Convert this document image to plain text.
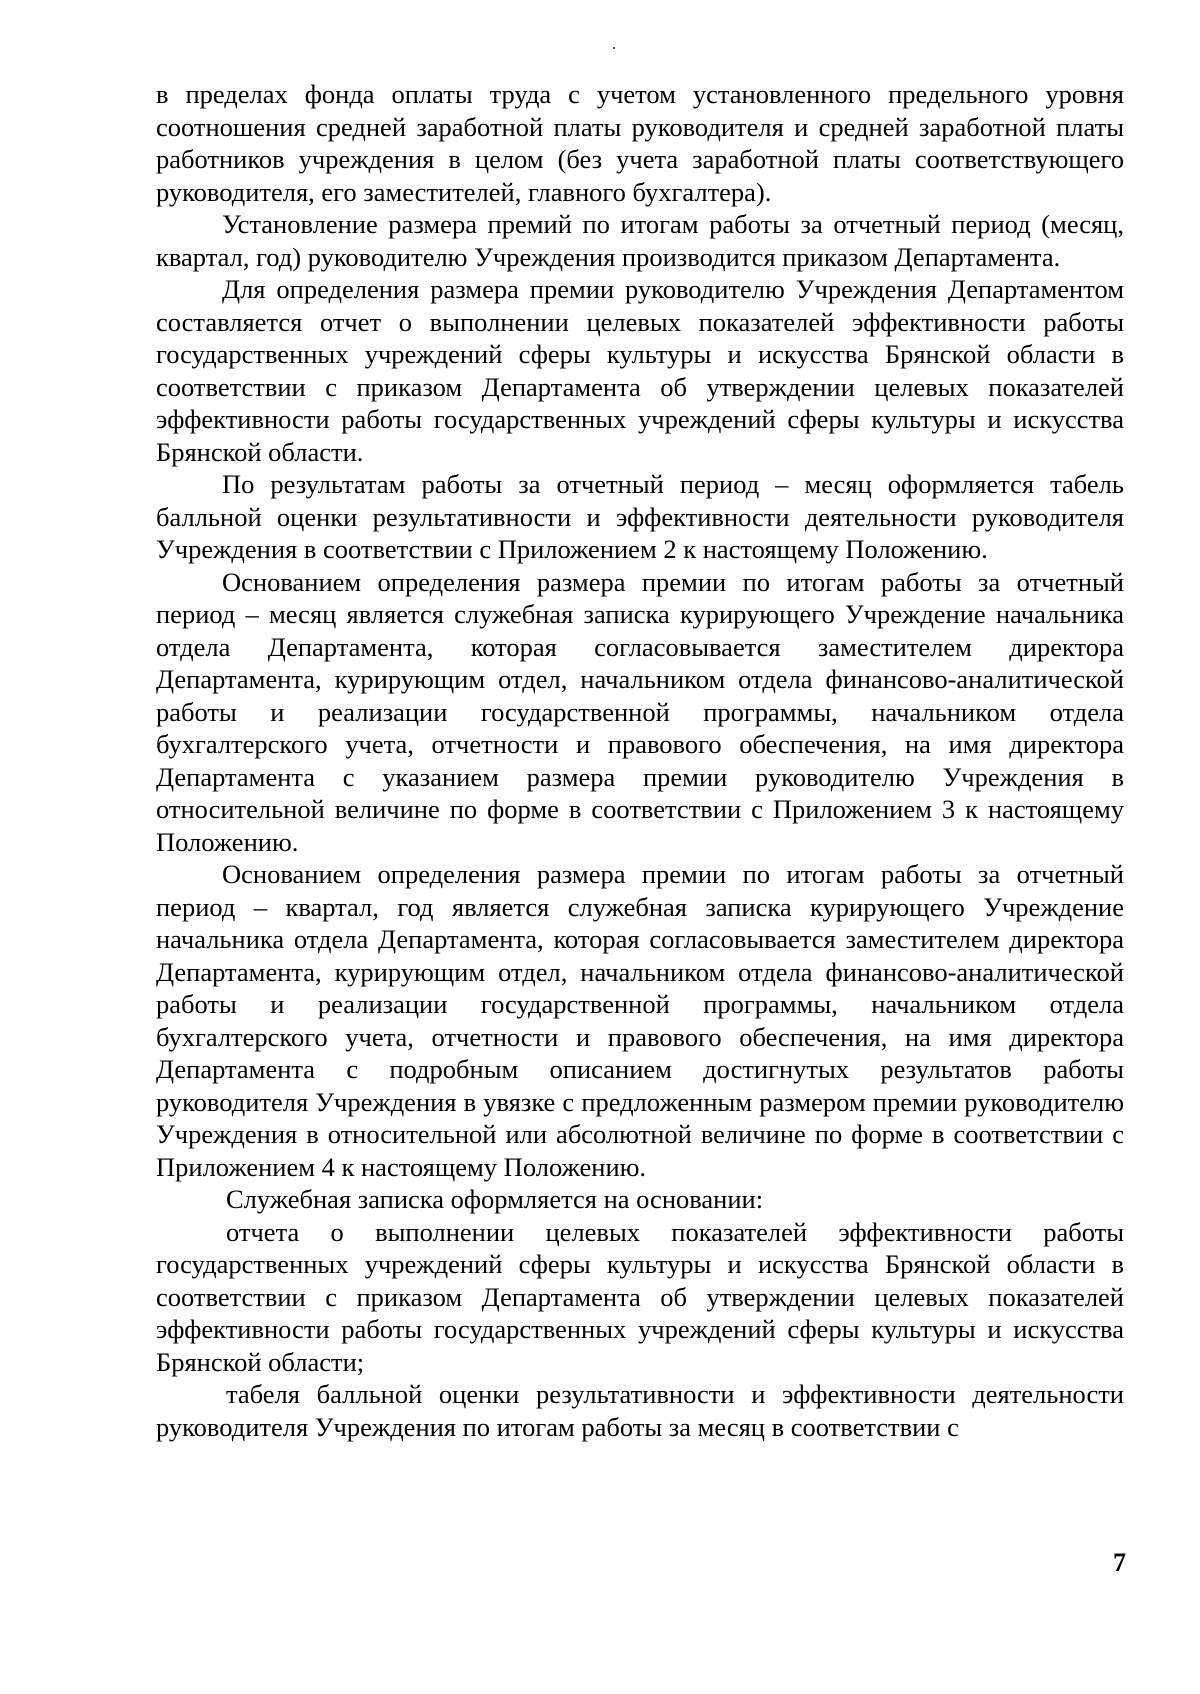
в пределах фонда оплаты труда с учетом установленного предельного уровня соотношения средней заработной платы руководителя и средней заработной платы работников учреждения в целом (без учета заработной платы соответствующего руководителя, его заместителей, главного бухгалтера).

Установление размера премий по итогам работы за отчетный период (месяц, квартал, год) руководителю Учреждения производится приказом Департамента.

Для определения размера премии руководителю Учреждения Департаментом составляется отчет о выполнении целевых показателей эффективности работы государственных учреждений сферы культуры и искусства Брянской области в соответствии с приказом Департамента об утверждении целевых показателей эффективности работы государственных учреждений сферы культуры и искусства Брянской области.

По результатам работы за отчетный период – месяц оформляется табель балльной оценки результативности и эффективности деятельности руководителя Учреждения в соответствии с Приложением 2 к настоящему Положению.

Основанием определения размера премии по итогам работы за отчетный период – месяц является служебная записка курирующего Учреждение начальника отдела Департамента, которая согласовывается заместителем директора Департамента, курирующим отдел, начальником отдела финансово-аналитической работы и реализации государственной программы, начальником отдела бухгалтерского учета, отчетности и правового обеспечения, на имя директора Департамента с указанием размера премии руководителю Учреждения в относительной величине по форме в соответствии с Приложением 3 к настоящему Положению.

Основанием определения размера премии по итогам работы за отчетный период – квартал, год является служебная записка курирующего Учреждение начальника отдела Департамента, которая согласовывается заместителем директора Департамента, курирующим отдел, начальником отдела финансово-аналитической работы и реализации государственной программы, начальником отдела бухгалтерского учета, отчетности и правового обеспечения, на имя директора Департамента с подробным описанием достигнутых результатов работы руководителя Учреждения в увязке с предложенным размером премии руководителю Учреждения в относительной или абсолютной величине по форме в соответствии с Приложением 4 к настоящему Положению.

Служебная записка оформляется на основании:

отчета о выполнении целевых показателей эффективности работы государственных учреждений сферы культуры и искусства Брянской области в соответствии с приказом Департамента об утверждении целевых показателей эффективности работы государственных учреждений сферы культуры и искусства Брянской области;

табеля балльной оценки результативности и эффективности деятельности руководителя Учреждения по итогам работы за месяц в соответствии с

7
